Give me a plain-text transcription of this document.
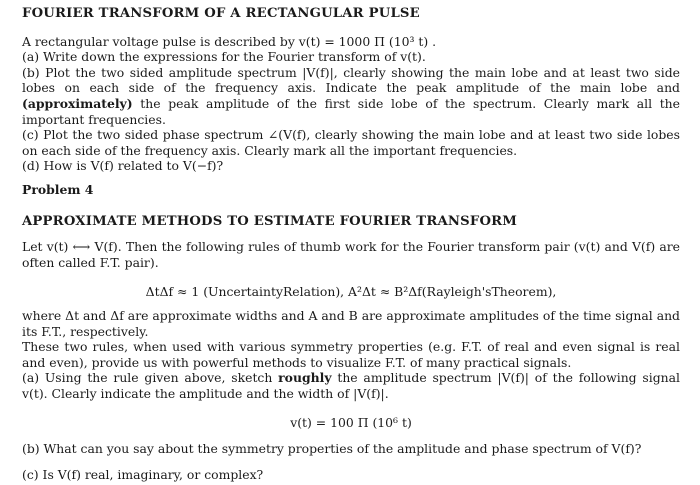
FOURIER TRANSFORM OF A RECTANGULAR PULSE

A rectangular voltage pulse is described by v(t) = 1000 Π (10³ t) .

(a) Write down the expressions for the Fourier transform of v(t).

(b) Plot the two sided amplitude spectrum |V(f)|, clearly showing the main lobe and at least two side lobes on each side of the frequency axis. Indicate the peak amplitude of the main lobe and (approximately) the peak amplitude of the first side lobe of the spectrum. Clearly mark all the important frequencies.

(c) Plot the two sided phase spectrum ∠(V(f), clearly showing the main lobe and at least two side lobes on each side of the frequency axis. Clearly mark all the important frequencies.

(d) How is V(f) related to V(−f)?

Problem 4

APPROXIMATE METHODS TO ESTIMATE FOURIER TRANSFORM

Let v(t) ⟷ V(f). Then the following rules of thumb work for the Fourier transform pair (v(t) and V(f) are often called F.T. pair).

ΔtΔf ≈ 1 (UncertaintyRelation), A²Δt ≈ B²Δf(Rayleigh'sTheorem),

where Δt and Δf are approximate widths and A and B are approximate amplitudes of the time signal and its F.T., respectively.

These two rules, when used with various symmetry properties (e.g. F.T. of real and even signal is real and even), provide us with powerful methods to visualize F.T. of many practical signals.

(a) Using the rule given above, sketch roughly the amplitude spectrum |V(f)| of the following signal v(t). Clearly indicate the amplitude and the width of |V(f)|.

v(t) = 100 Π (10⁶ t)

(b) What can you say about the symmetry properties of the amplitude and phase spectrum of V(f)?

(c) Is V(f) real, imaginary, or complex?
